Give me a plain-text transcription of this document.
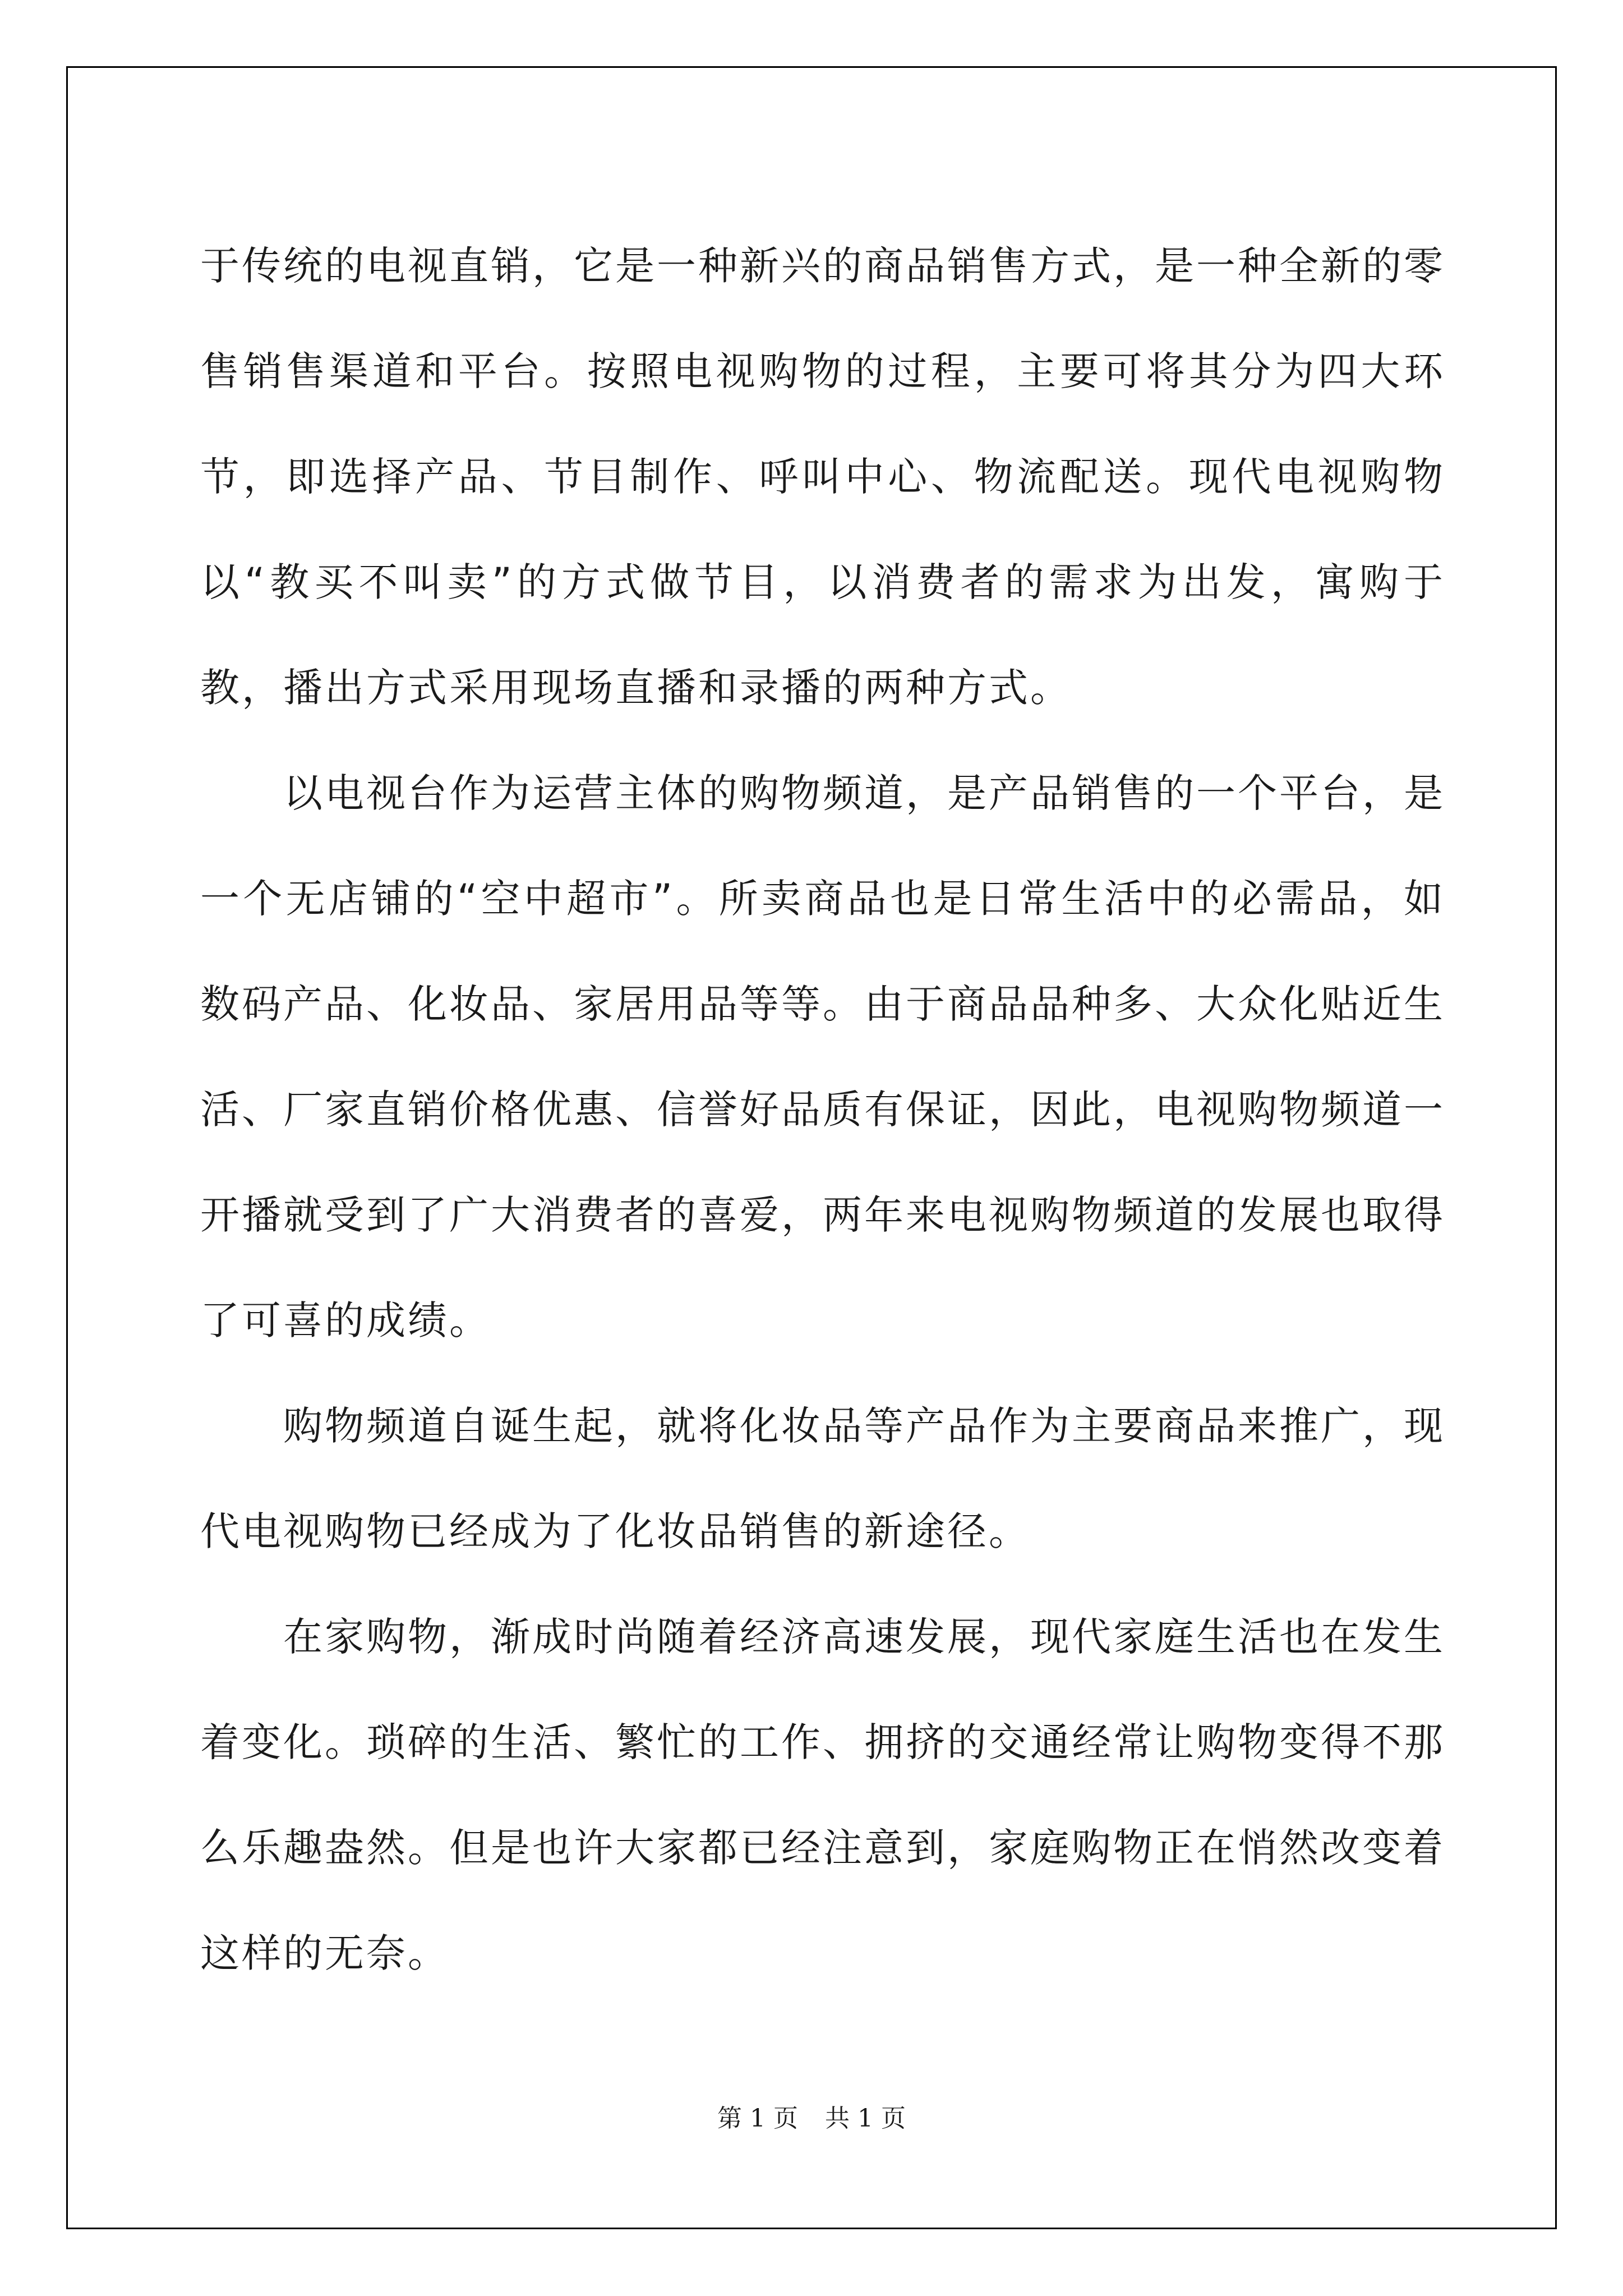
于传统的电视直销，它是一种新兴的商品销售方式，是一种全新的零售销售渠道和平台。按照电视购物的过程，主要可将其分为四大环节，即选择产品、节目制作、呼叫中心、物流配送。现代电视购物以“教买不叫卖”的方式做节目，以消费者的需求为出发，寓购于教，播出方式采用现场直播和录播的两种方式。

以电视台作为运营主体的购物频道，是产品销售的一个平台，是一个无店铺的“空中超市”。所卖商品也是日常生活中的必需品，如数码产品、化妆品、家居用品等等。由于商品品种多、大众化贴近生活、厂家直销价格优惠、信誉好品质有保证，因此，电视购物频道一开播就受到了广大消费者的喜爱，两年来电视购物频道的发展也取得了可喜的成绩。

购物频道自诞生起，就将化妆品等产品作为主要商品来推广，现代电视购物已经成为了化妆品销售的新途径。

在家购物，渐成时尚随着经济高速发展，现代家庭生活也在发生着变化。琐碎的生活、繁忙的工作、拥挤的交通经常让购物变得不那么乐趣盎然。但是也许大家都已经注意到，家庭购物正在悄然改变着这样的无奈。

第 1 页 共 1 页
